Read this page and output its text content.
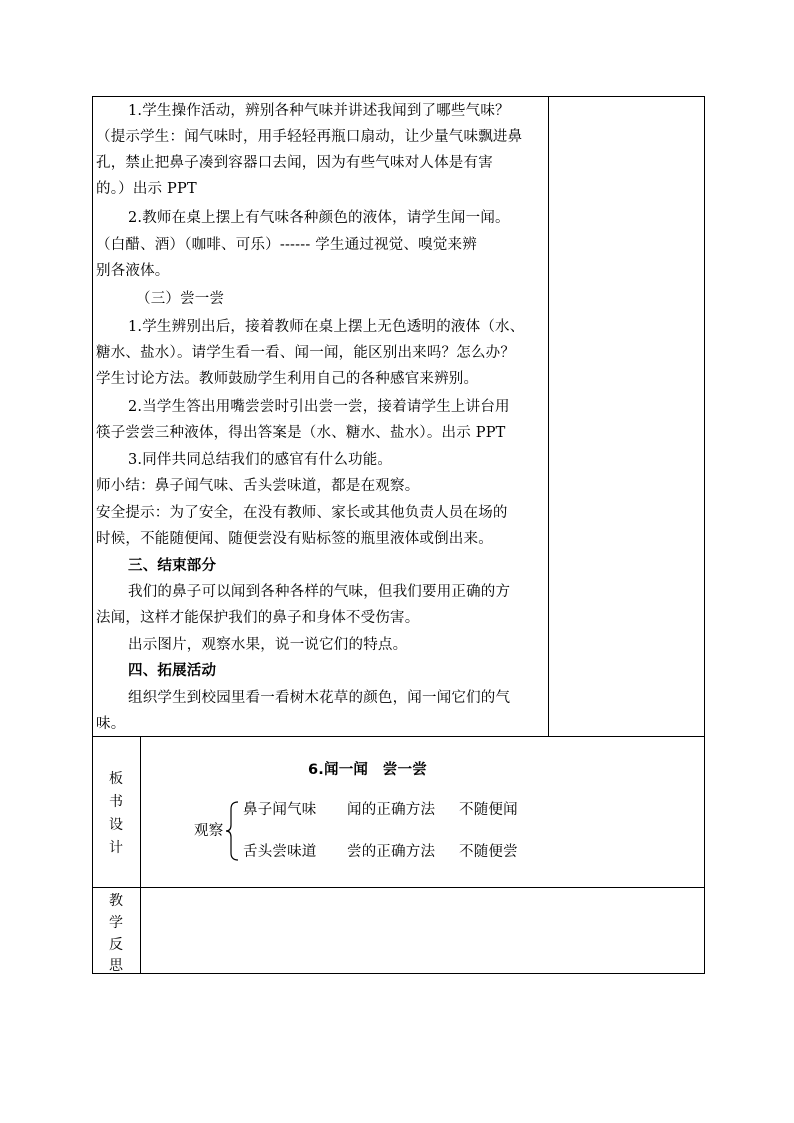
1.学生操作活动，辨别各种气味并讲述我闻到了哪些气味？
（提示学生：闻气味时，用手轻轻再瓶口扇动，让少量气味飘进鼻
孔，禁止把鼻子凑到容器口去闻，因为有些气味对人体是有害
的。）出示 PPT
2.教师在桌上摆上有气味各种颜色的液体，请学生闻一闻。
（白醋、酒）（咖啡、可乐）------ 学生通过视觉、嗅觉来辨
别各液体。
（三）尝一尝
1.学生辨别出后，接着教师在桌上摆上无色透明的液体（水、
糖水、盐水）。请学生看一看、闻一闻，能区别出来吗？怎么办？
学生讨论方法。教师鼓励学生利用自己的各种感官来辨别。
2.当学生答出用嘴尝尝时引出尝一尝，接着请学生上讲台用
筷子尝尝三种液体，得出答案是（水、糖水、盐水）。出示 PPT
3.同伴共同总结我们的感官有什么功能。
师小结：鼻子闻气味、舌头尝味道，都是在观察。
安全提示：为了安全，在没有教师、家长或其他负责人员在场的
时候，不能随便闻、随便尝没有贴标签的瓶里液体或倒出来。
三、结束部分
我们的鼻子可以闻到各种各样的气味，但我们要用正确的方
法闻，这样才能保护我们的鼻子和身体不受伤害。
出示图片，观察水果，说一说它们的特点。
四、拓展活动
组织学生到校园里看一看树木花草的颜色，闻一闻它们的气
味。
板
书
设
计
6.闻一闻　尝一尝
观察
鼻子闻气味 闻的正确方法 不随便闻
舌头尝味道 尝的正确方法 不随便尝
教
学
反
思
